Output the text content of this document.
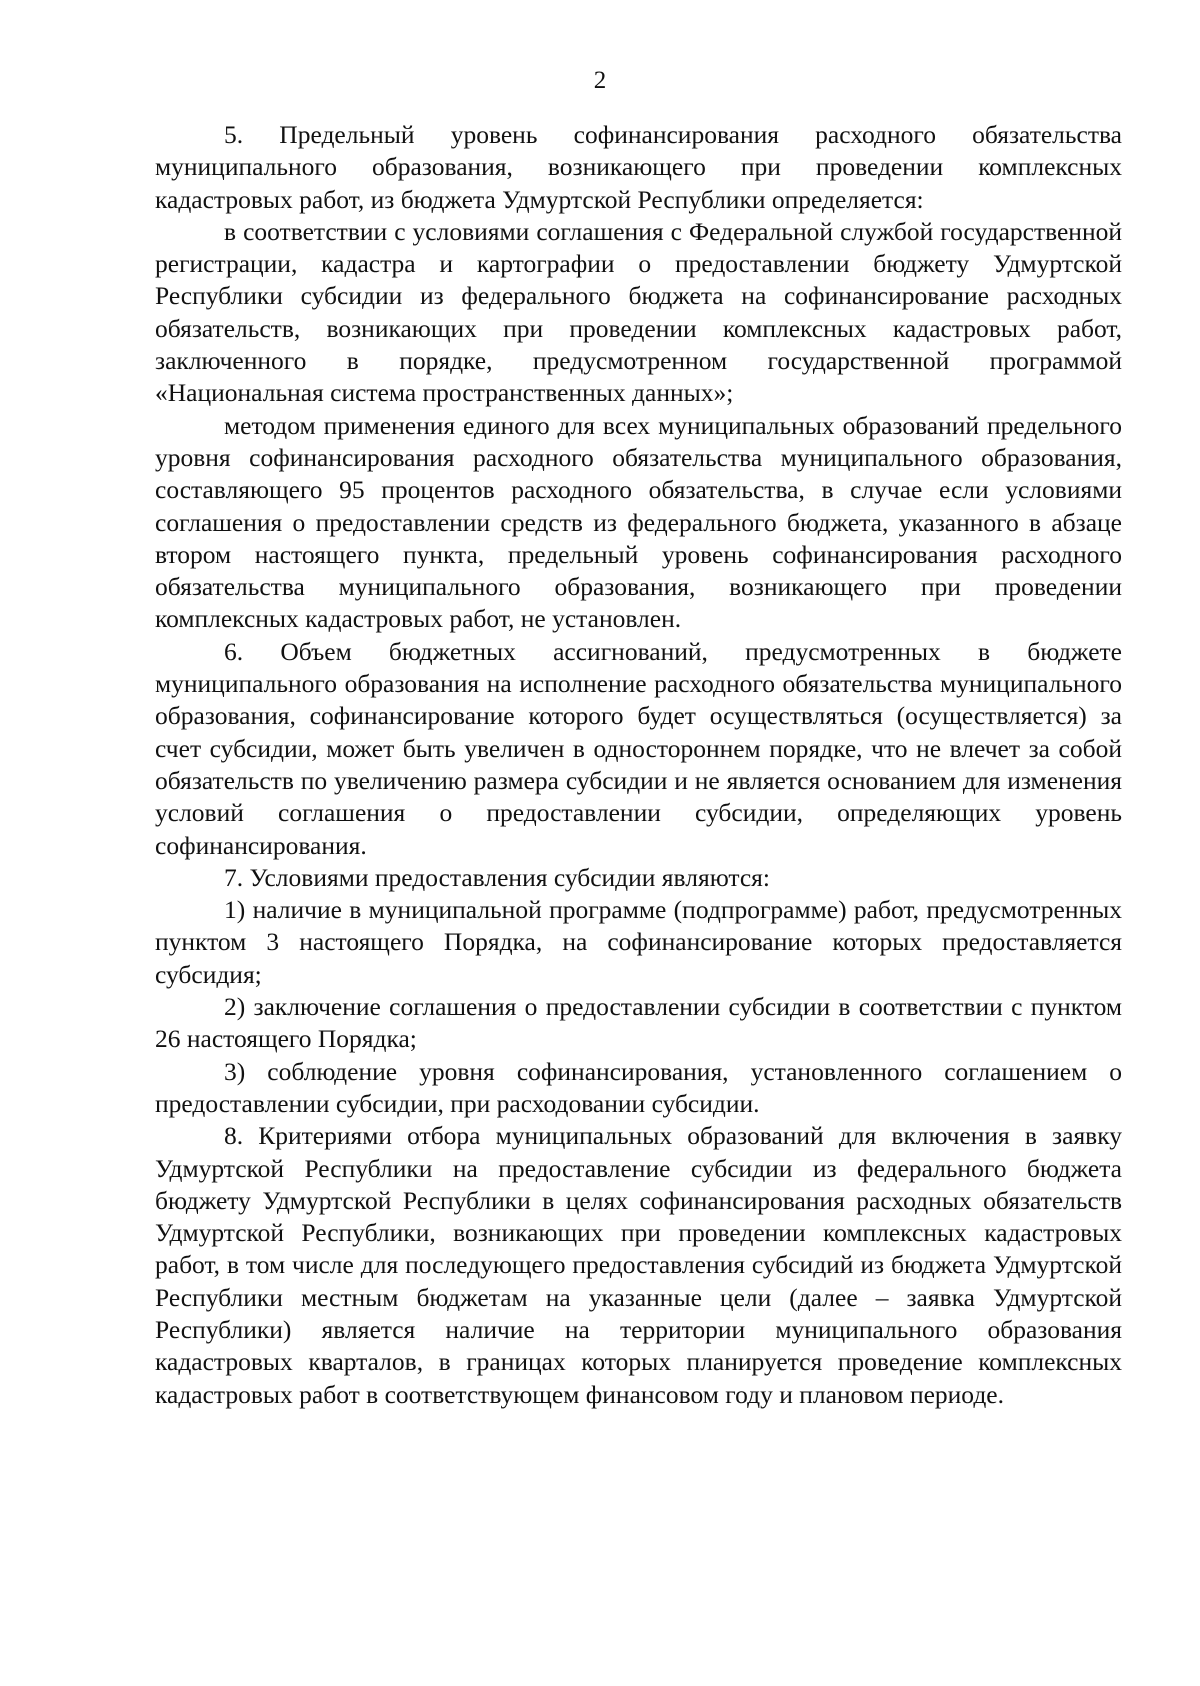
2

5. Предельный уровень софинансирования расходного обязательства муниципального образования, возникающего при проведении комплексных кадастровых работ, из бюджета Удмуртской Республики определяется:

в соответствии с условиями соглашения с Федеральной службой государственной регистрации, кадастра и картографии о предоставлении бюджету Удмуртской Республики субсидии из федерального бюджета на софинансирование расходных обязательств, возникающих при проведении комплексных кадастровых работ, заключенного в порядке, предусмотренном государственной программой «Национальная система пространственных данных»;

методом применения единого для всех муниципальных образований предельного уровня софинансирования расходного обязательства муниципального образования, составляющего 95 процентов расходного обязательства, в случае если условиями соглашения о предоставлении средств из федерального бюджета, указанного в абзаце втором настоящего пункта, предельный уровень софинансирования расходного обязательства муниципального образования, возникающего при проведении комплексных кадастровых работ, не установлен.

6. Объем бюджетных ассигнований, предусмотренных в бюджете муниципального образования на исполнение расходного обязательства муниципального образования, софинансирование которого будет осуществляться (осуществляется) за счет субсидии, может быть увеличен в одностороннем порядке, что не влечет за собой обязательств по увеличению размера субсидии и не является основанием для изменения условий соглашения о предоставлении субсидии, определяющих уровень софинансирования.

7. Условиями предоставления субсидии являются:

1) наличие в муниципальной программе (подпрограмме) работ, предусмотренных пунктом 3 настоящего Порядка, на софинансирование которых предоставляется субсидия;

2) заключение соглашения о предоставлении субсидии в соответствии с пунктом 26 настоящего Порядка;

3) соблюдение уровня софинансирования, установленного соглашением о предоставлении субсидии, при расходовании субсидии.

8. Критериями отбора муниципальных образований для включения в заявку Удмуртской Республики на предоставление субсидии из федерального бюджета бюджету Удмуртской Республики в целях софинансирования расходных обязательств Удмуртской Республики, возникающих при проведении комплексных кадастровых работ, в том числе для последующего предоставления субсидий из бюджета Удмуртской Республики местным бюджетам на указанные цели (далее – заявка Удмуртской Республики) является наличие на территории муниципального образования кадастровых кварталов, в границах которых планируется проведение комплексных кадастровых работ в соответствующем финансовом году и плановом периоде.
